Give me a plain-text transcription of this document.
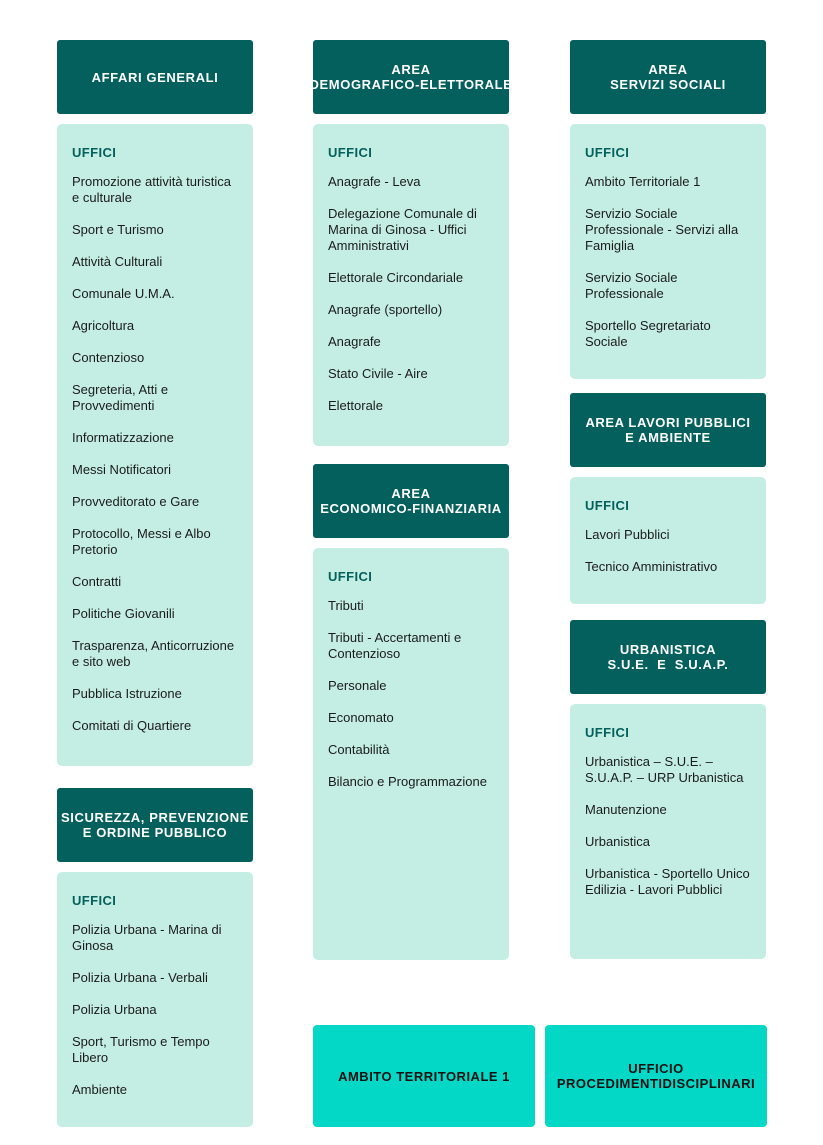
AFFARI GENERALI
UFFICI
Promozione attività turistica e culturale
Sport e Turismo
Attività Culturali
Comunale U.M.A.
Agricoltura
Contenzioso
Segreteria, Atti e Provvedimenti
Informatizzazione
Messi Notificatori
Provveditorato e Gare
Protocollo, Messi e Albo Pretorio
Contratti
Politiche Giovanili
Trasparenza, Anticorruzione e sito web
Pubblica Istruzione
Comitati di Quartiere
SICUREZZA, PREVENZIONE
E ORDINE PUBBLICO
UFFICI
Polizia Urbana - Marina di Ginosa
Polizia Urbana - Verbali
Polizia Urbana
Sport, Turismo e Tempo Libero
Ambiente
AREA
DEMOGRAFICO-ELETTORALE
UFFICI
Anagrafe - Leva
Delegazione Comunale di Marina di Ginosa - Uffici Amministrativi
Elettorale Circondariale
Anagrafe (sportello)
Anagrafe
Stato Civile - Aire
Elettorale
AREA
ECONOMICO-FINANZIARIA
UFFICI
Tributi
Tributi - Accertamenti e Contenzioso
Personale
Economato
Contabilità
Bilancio e Programmazione
AREA
SERVIZI SOCIALI
UFFICI
Ambito Territoriale 1
Servizio Sociale Professionale - Servizi alla Famiglia
Servizio Sociale Professionale
Sportello Segretariato Sociale
AREA LAVORI PUBBLICI
E AMBIENTE
UFFICI
Lavori Pubblici
Tecnico Amministrativo
URBANISTICA
S.U.E.  E  S.U.A.P.
UFFICI
Urbanistica – S.U.E. – S.U.A.P. – URP Urbanistica
Manutenzione
Urbanistica
Urbanistica - Sportello Unico Edilizia - Lavori Pubblici
AMBITO TERRITORIALE 1	UFFICIO PROCEDIMENTIDISCIPLINARI
